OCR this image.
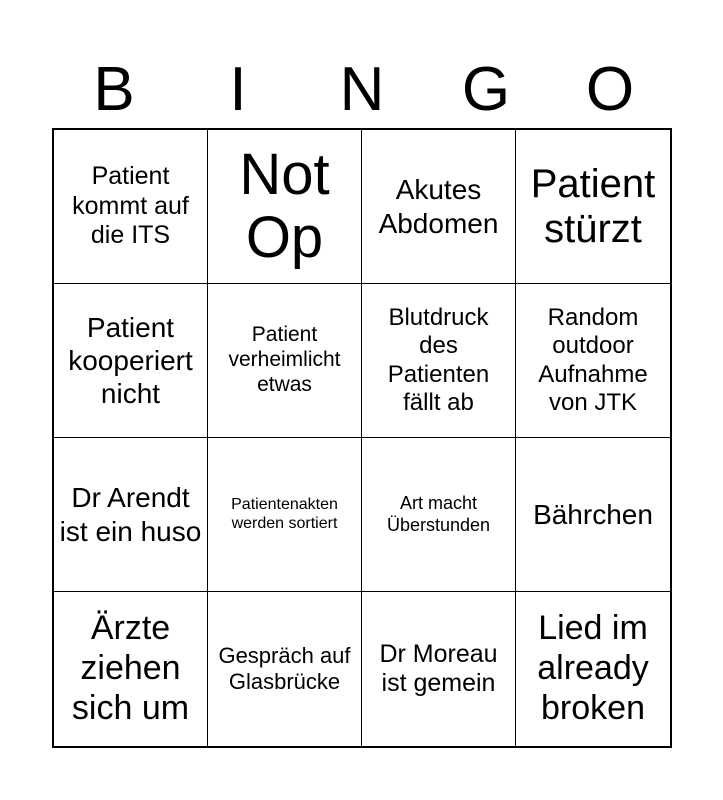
B	I	N	G	O
Patient kommt auf die ITS
Not Op
Akutes Abdomen
Patient stürzt
Patient kooperiert nicht
Patient verheimlicht etwas
Blutdruck des Patienten fällt ab
Random outdoor Aufnahme von JTK
Dr Arendt ist ein huso
Patientenakten werden sortiert
Art macht Überstunden	Bährchen
Ärzte ziehen sich um
Gespräch auf Glasbrücke
Dr Moreau ist gemein
Lied im already broken
